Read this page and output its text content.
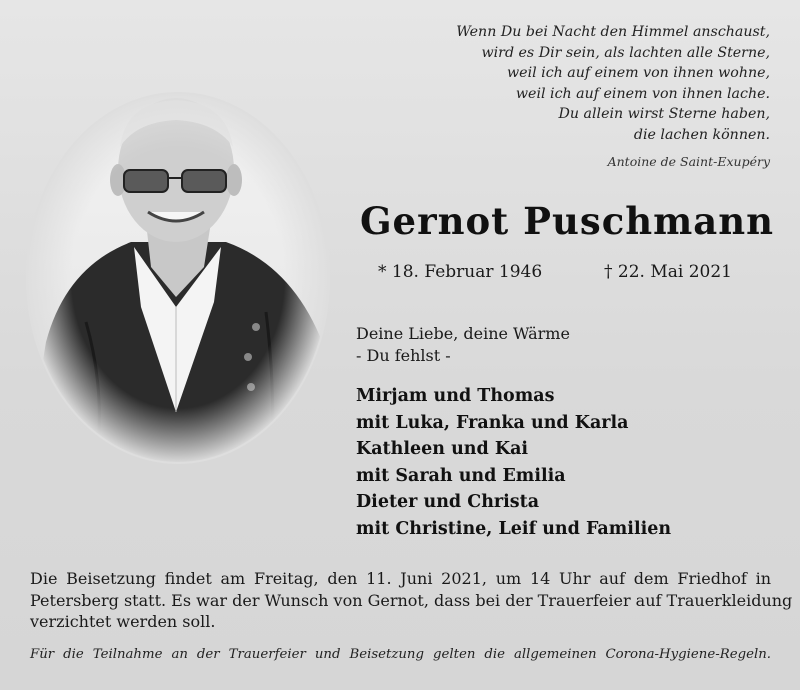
Wenn Du bei Nacht den Himmel anschaust,
wird es Dir sein, als lachten alle Sterne,
weil ich auf einem von ihnen wohne,
weil ich auf einem von ihnen lache.
Du allein wirst Sterne haben,
die lachen können.
Antoine de Saint-Exupéry
Gernot Puschmann
* 18. Februar 1946	† 22. Mai 2021
Deine Liebe, deine Wärme
- Du fehlst -
Mirjam und Thomas
mit Luka, Franka und Karla
Kathleen und Kai
mit Sarah und Emilia
Dieter und Christa
mit Christine, Leif und Familien
Die Beisetzung findet am Freitag, den 11. Juni 2021, um 14 Uhr auf dem Friedhof in
Petersberg statt. Es war der Wunsch von Gernot, dass bei der Trauerfeier auf Trauerkleidung
verzichtet werden soll.
Für die Teilnahme an der Trauerfeier und Beisetzung gelten die allgemeinen Corona-Hygiene-Regeln.
